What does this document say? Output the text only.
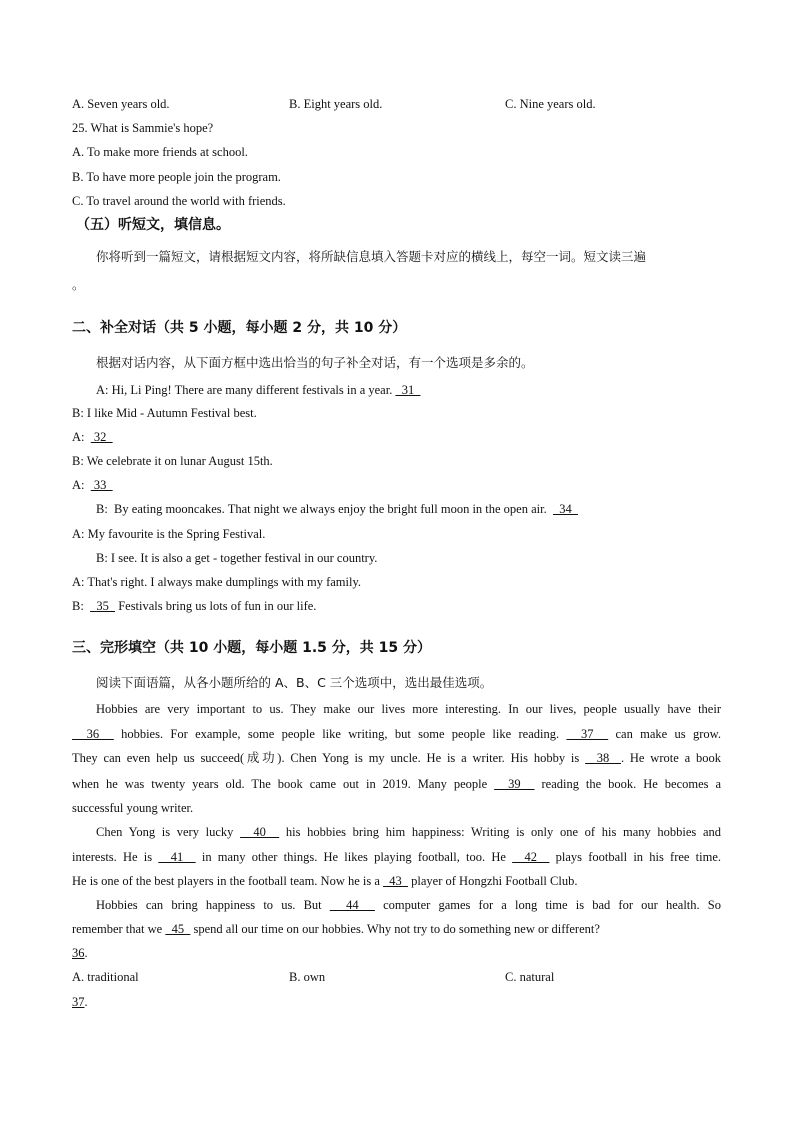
A. Seven years old.	B. Eight years old.	C. Nine years old.
25. What is Sammie's hope?
A. To make more friends at school.
B. To have more people join the program.
C. To travel around the world with friends.
（五）听短文，填信息。
你将听到一篇短文，请根据短文内容，将所缺信息填入答题卡对应的横线上，每空一词。短文读三遍
。
二、补全对话（共 5 小题，每小题 2 分，共 10 分）
根据对话内容，从下面方框中选出恰当的句子补全对话，有一个选项是多余的。
A: Hi, Li Ping! There are many different festivals in a year.   31
B: I like Mid - Autumn Festival best.
A:   32
B: We celebrate it on lunar August 15th.
A:   33
B:  By eating mooncakes. That night we always enjoy the bright full moon in the open air.    34
A: My favourite is the Spring Festival.
B: I see. It is also a get - together festival in our country.
A: That's right. I always make dumplings with my family.
B:    35   Festivals bring us lots of fun in our life.
三、完形填空（共 10 小题，每小题 1.5 分，共 15 分）
阅读下面语篇，从各小题所给的 A、B、C 三个选项中，选出最佳选项。
Hobbies are very important to us. They make our lives more interesting. In our lives, people usually have their
36   hobbies. For example, some people like writing, but some people like reading.   37   can make us grow.
They can even help us succeed(成功). Chen Yong is my uncle. He is a writer. His hobby is   38  . He wrote a book
when he was twenty years old. The book came out in 2019. Many people   39   reading the book. He becomes a
successful young writer.
Chen Yong is very lucky   40   his hobbies bring him happiness: Writing is only one of his many hobbies and
interests. He is   41   in many other things. He likes playing football, too. He   42   plays football in his free time.
He is one of the best players in the football team. Now he is a   43   player of Hongzhi Football Club.
Hobbies can bring happiness to us. But   44   computer games for a long time is bad for our health. So
remember that we   45   spend all our time on our hobbies. Why not try to do something new or different?
36.
A. traditional	B. own	C. natural
37.
